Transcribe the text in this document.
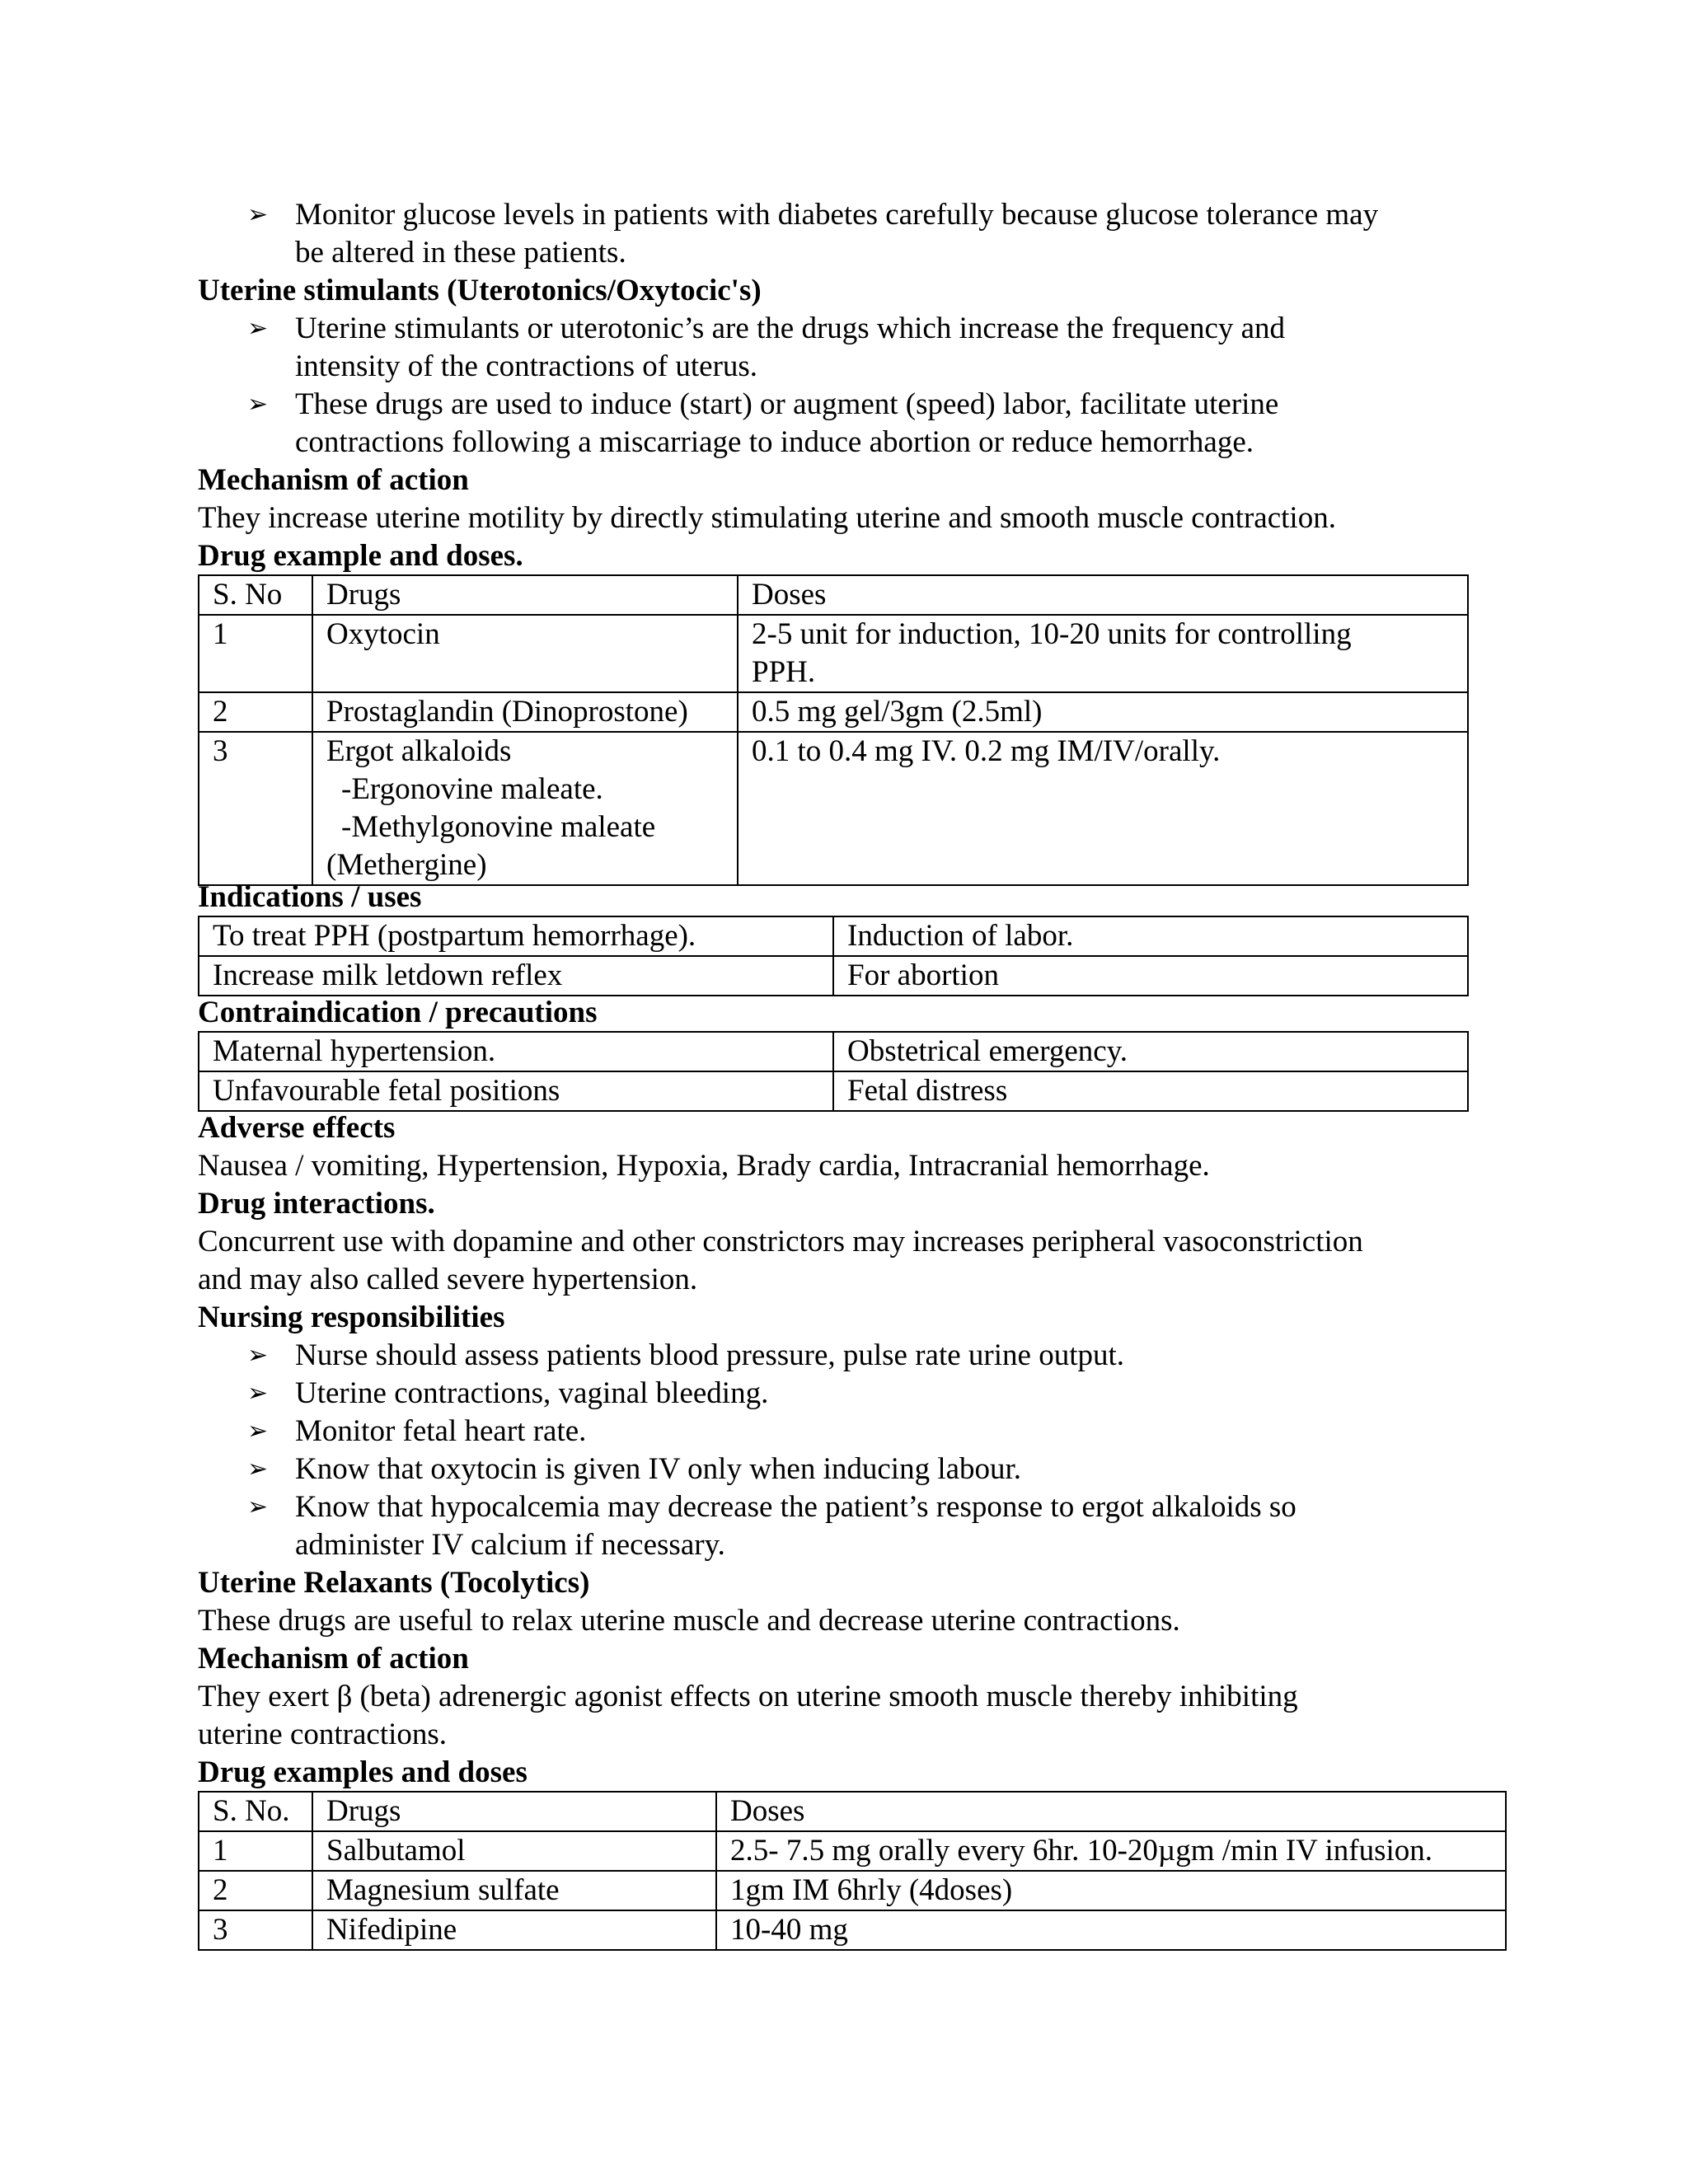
➢ Monitor glucose levels in patients with diabetes carefully because glucose tolerance may
be altered in these patients.
Uterine stimulants (Uterotonics/Oxytocic's)
➢ Uterine stimulants or uterotonic’s are the drugs which increase the frequency and
intensity of the contractions of uterus.
➢ These drugs are used to induce (start) or augment (speed) labor, facilitate uterine
contractions following a miscarriage to induce abortion or reduce hemorrhage.
Mechanism of action
They increase uterine motility by directly stimulating uterine and smooth muscle contraction.
Drug example and doses.
S. No	Drugs	Doses
1	Oxytocin	2-5 unit for induction, 10-20 units for controlling
PPH.

2	Prostaglandin (Dinoprostone)	0.5 mg gel/3gm (2.5ml)

3	Ergot alkaloids
-Ergonovine maleate.
-Methylgonovine maleate
(Methergine)	0.1 to 0.4 mg IV. 0.2 mg IM/IV/orally.
Indications / uses
To treat PPH (postpartum hemorrhage).	Induction of labor.
Increase milk letdown reflex	For abortion
Contraindication / precautions
Maternal hypertension.	Obstetrical emergency.
Unfavourable fetal positions	Fetal distress
Adverse effects
Nausea / vomiting, Hypertension, Hypoxia, Brady cardia, Intracranial hemorrhage.
Drug interactions.
Concurrent use with dopamine and other constrictors may increases peripheral vasoconstriction
and may also called severe hypertension.
Nursing responsibilities
➢ Nurse should assess patients blood pressure, pulse rate urine output.
➢ Uterine contractions, vaginal bleeding.
➢ Monitor fetal heart rate.
➢ Know that oxytocin is given IV only when inducing labour.
➢ Know that hypocalcemia may decrease the patient’s response to ergot alkaloids so
administer IV calcium if necessary.
Uterine Relaxants (Tocolytics)
These drugs are useful to relax uterine muscle and decrease uterine contractions.
Mechanism of action
They exert β (beta) adrenergic agonist effects on uterine smooth muscle thereby inhibiting
uterine contractions.
Drug examples and doses
S. No.	Drugs	Doses
1	Salbutamol	2.5- 7.5 mg orally every 6hr. 10-20µgm /min IV infusion.
2	Magnesium sulfate	1gm IM 6hrly (4doses)
3	Nifedipine	10-40 mg
